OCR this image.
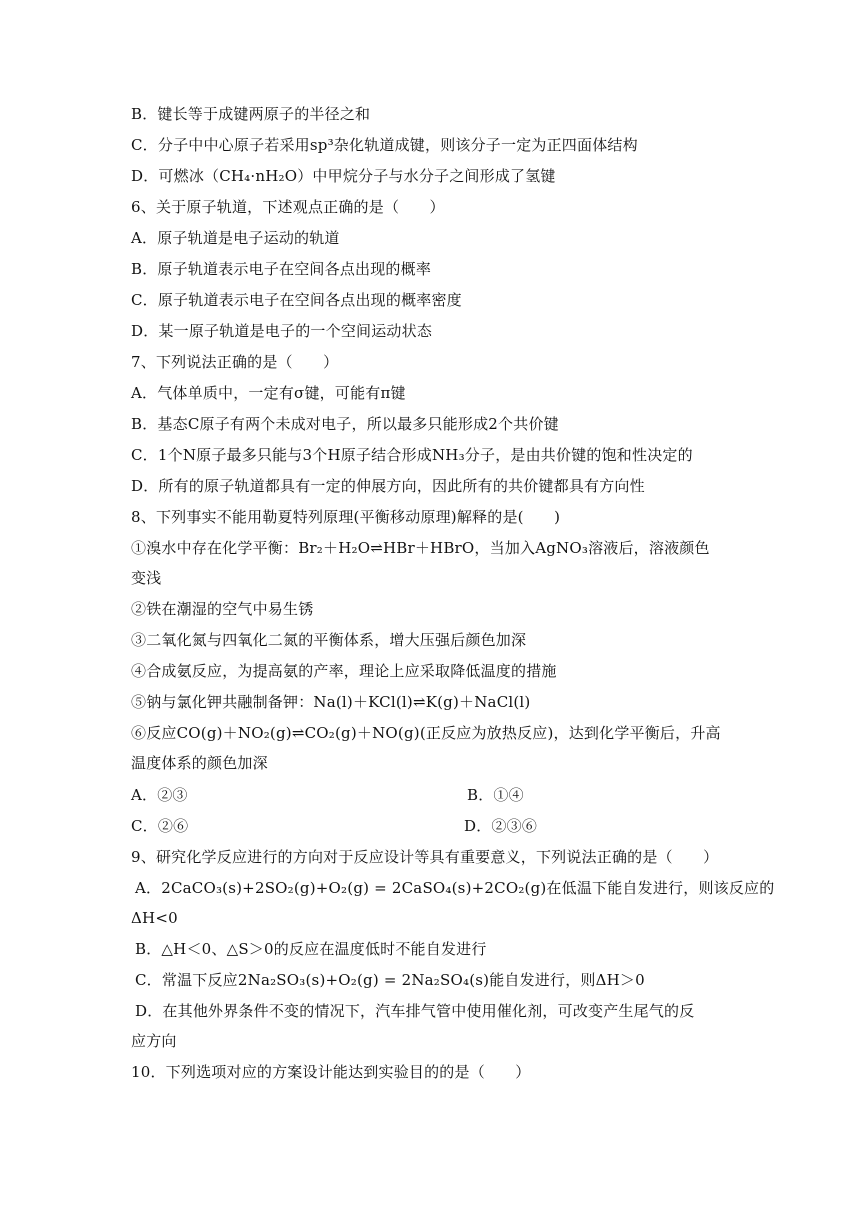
B．键长等于成键两原子的半径之和
C．分子中中心原子若采用sp³杂化轨道成键，则该分子一定为正四面体结构
D．可燃冰（CH₄·nH₂O）中甲烷分子与水分子之间形成了氢键
6、关于原子轨道，下述观点正确的是（　　）
A．原子轨道是电子运动的轨道
B．原子轨道表示电子在空间各点出现的概率
C．原子轨道表示电子在空间各点出现的概率密度
D．某一原子轨道是电子的一个空间运动状态
7、下列说法正确的是（　　）
A．气体单质中，一定有σ键，可能有π键
B．基态C原子有两个未成对电子，所以最多只能形成2个共价键
C．1个N原子最多只能与3个H原子结合形成NH₃分子，是由共价键的饱和性决定的
D．所有的原子轨道都具有一定的伸展方向，因此所有的共价键都具有方向性
8、下列事实不能用勒夏特列原理(平衡移动原理)解释的是(　　)
①溴水中存在化学平衡：Br₂＋H₂O⇌HBr＋HBrO，当加入AgNO₃溶液后，溶液颜色
变浅
②铁在潮湿的空气中易生锈
③二氧化氮与四氧化二氮的平衡体系，增大压强后颜色加深
④合成氨反应，为提高氨的产率，理论上应采取降低温度的措施
⑤钠与氯化钾共融制备钾：Na(l)＋KCl(l)⇌K(g)＋NaCl(l)
⑥反应CO(g)＋NO₂(g)⇌CO₂(g)＋NO(g)(正反应为放热反应)，达到化学平衡后，升高
温度体系的颜色加深
A．②③	B．①④
C．②⑥	D．②③⑥
9、研究化学反应进行的方向对于反应设计等具有重要意义，下列说法正确的是（　　）
A．2CaCO₃(s)+2SO₂(g)+O₂(g) = 2CaSO₄(s)+2CO₂(g)在低温下能自发进行，则该反应的
ΔH<0
B．△H＜0、△S＞0的反应在温度低时不能自发进行
C．常温下反应2Na₂SO₃(s)+O₂(g) = 2Na₂SO₄(s)能自发进行，则ΔH＞0
D．在其他外界条件不变的情况下，汽车排气管中使用催化剂，可改变产生尾气的反
应方向
10．下列选项对应的方案设计能达到实验目的的是（　　）
